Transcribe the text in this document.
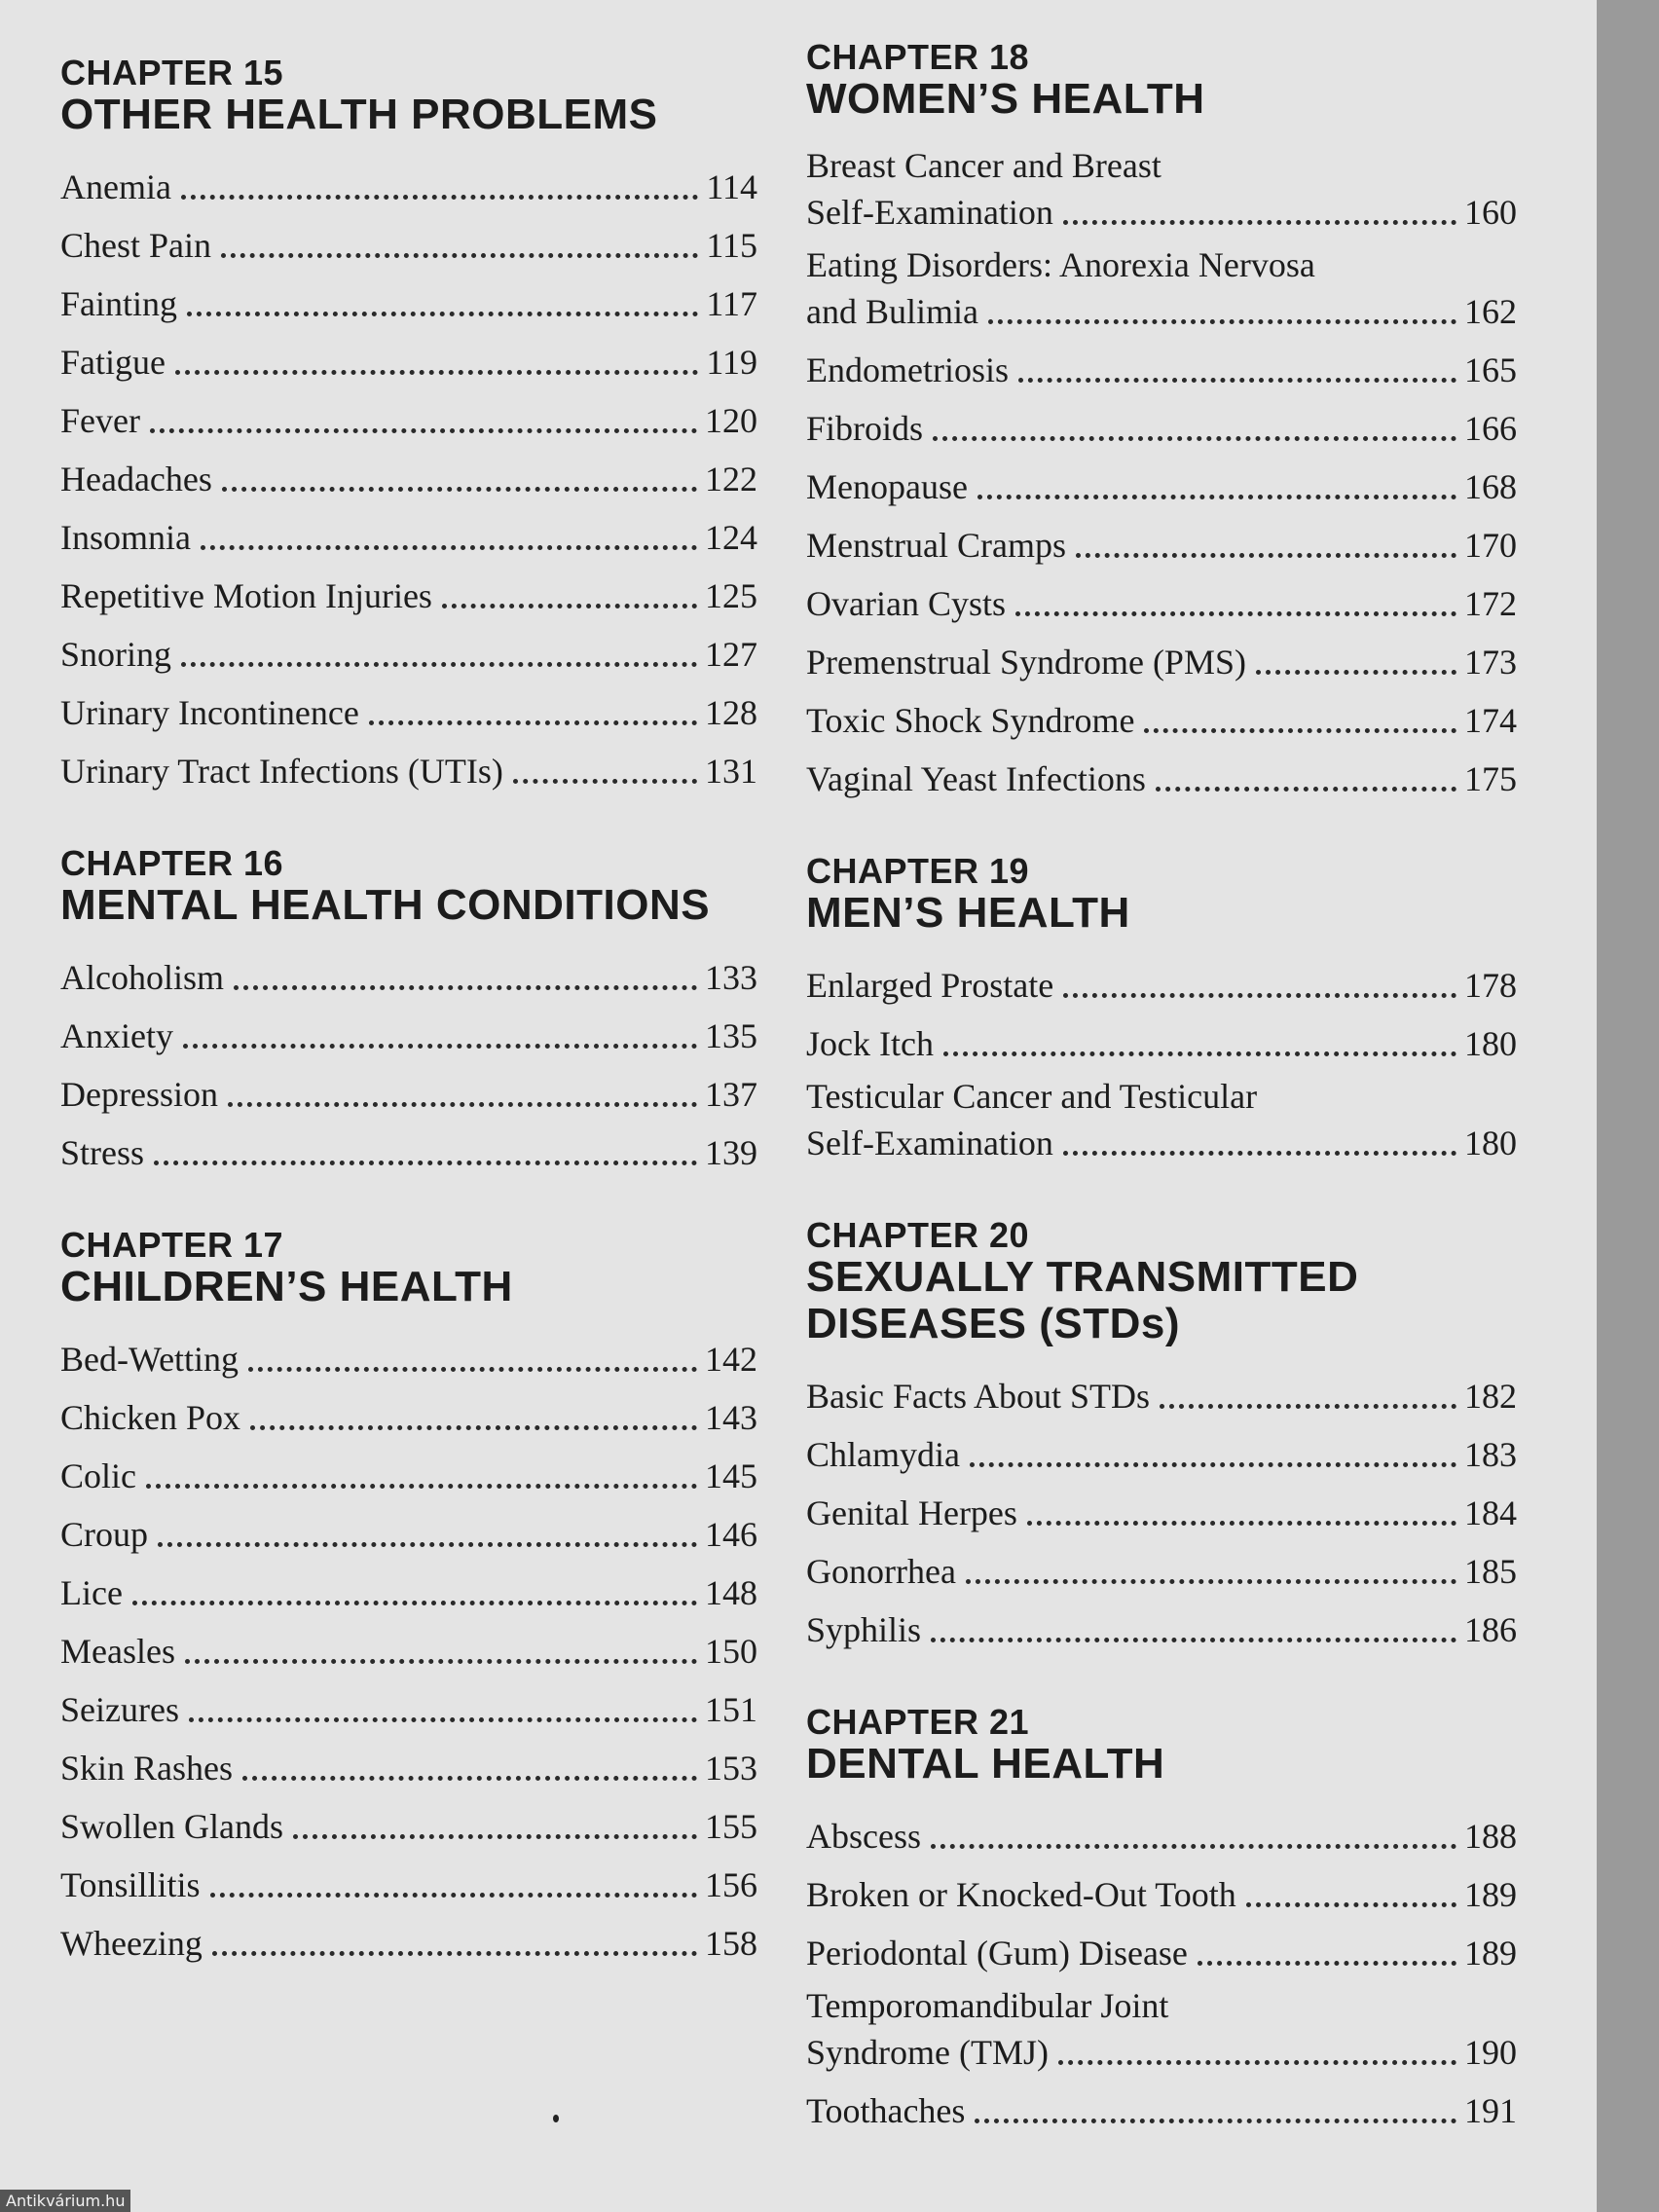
CHAPTER 15
OTHER HEALTH PROBLEMS
Anemia	114
Chest Pain	115
Fainting	117
Fatigue	119
Fever	120
Headaches	122
Insomnia	124
Repetitive Motion Injuries	125
Snoring	127
Urinary Incontinence	128
Urinary Tract Infections (UTIs)	131
CHAPTER 16
MENTAL HEALTH CONDITIONS
Alcoholism	133
Anxiety	135
Depression	137
Stress	139
CHAPTER 17
CHILDREN’S HEALTH
Bed-Wetting	142
Chicken Pox	143
Colic	145
Croup	146
Lice	148
Measles	150
Seizures	151
Skin Rashes	153
Swollen Glands	155
Tonsillitis	156
Wheezing	158
CHAPTER 18
WOMEN’S HEALTH
Breast Cancer and Breast
Self-Examination	160
Eating Disorders: Anorexia Nervosa
and Bulimia	162
Endometriosis	165
Fibroids	166
Menopause	168
Menstrual Cramps	170
Ovarian Cysts	172
Premenstrual Syndrome (PMS)	173
Toxic Shock Syndrome	174
Vaginal Yeast Infections	175
CHAPTER 19
MEN’S HEALTH
Enlarged Prostate	178
Jock Itch	180
Testicular Cancer and Testicular
Self-Examination	180
CHAPTER 20
SEXUALLY TRANSMITTED DISEASES (STDs)
Basic Facts About STDs	182
Chlamydia	183
Genital Herpes	184
Gonorrhea	185
Syphilis	186
CHAPTER 21
DENTAL HEALTH
Abscess	188
Broken or Knocked-Out Tooth	189
Periodontal (Gum) Disease	189
Temporomandibular Joint
Syndrome (TMJ)	190
Toothaches	191
Antikvárium.hu
